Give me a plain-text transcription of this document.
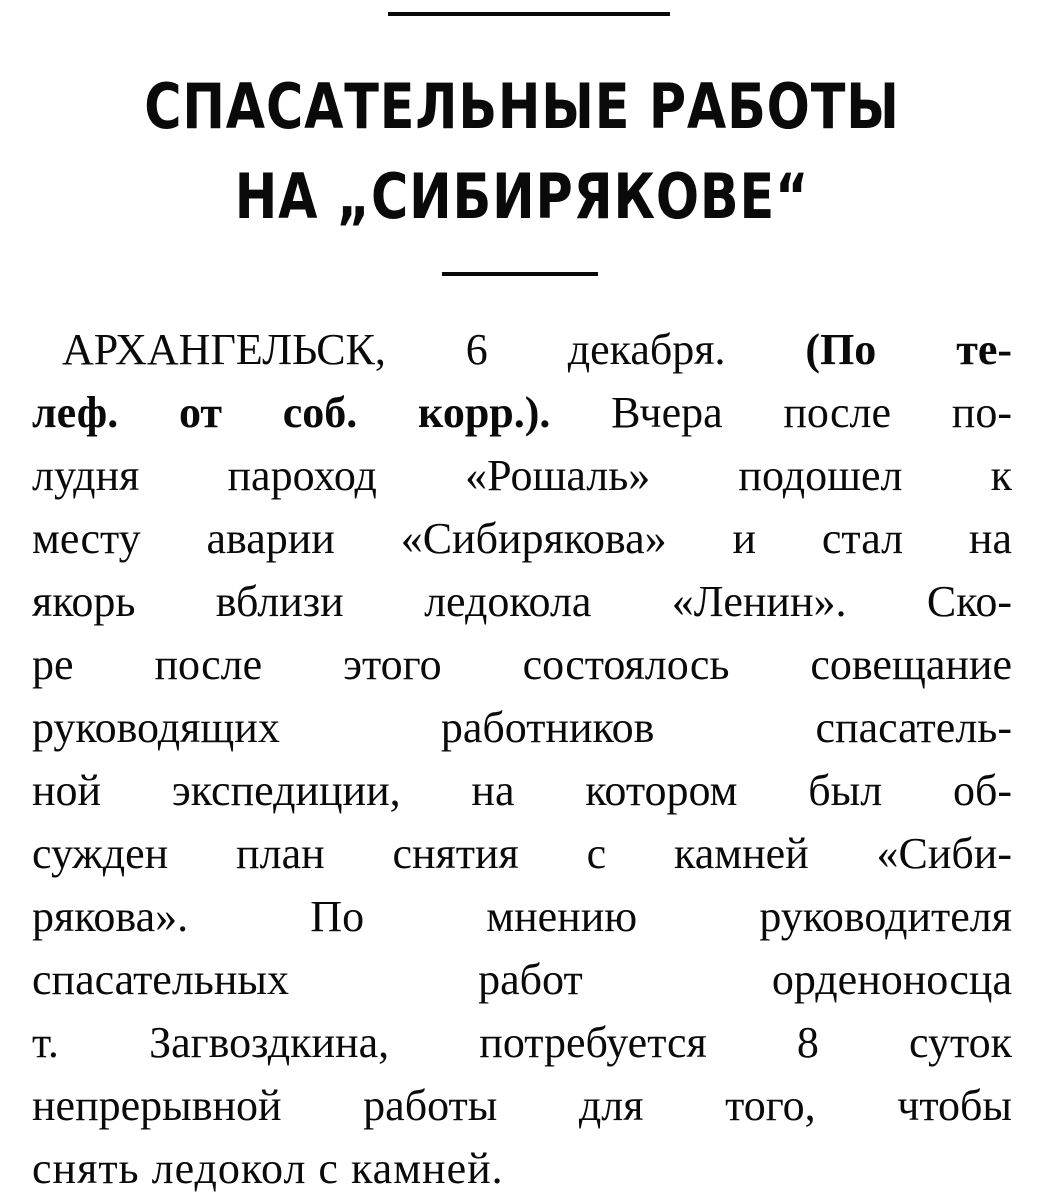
СПАСАТЕЛЬНЫЕ РАБОТЫ
НА „СИБИРЯКОВЕ“
АРХАНГЕЛЬСК, 6 декабря. (По те-
леф. от соб. корр.). Вчера после по-
лудня пароход «Рошаль» подошел к
месту аварии «Сибирякова» и стал на
якорь вблизи ледокола «Ленин». Ско-
ре после этого состоялось совещание
руководящих работников спасатель-
ной экспедиции, на котором был об-
сужден план снятия с камней «Сиби-
рякова». По мнению руководителя
спасательных работ орденоносца
т. Загвоздкина, потребуется 8 суток
непрерывной работы для того, чтобы
снять ледокол с камней.
